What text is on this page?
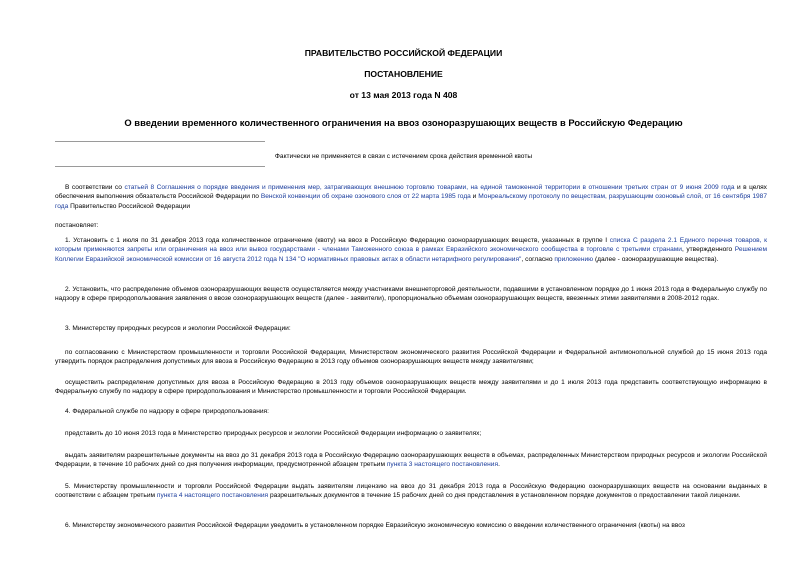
ПРАВИТЕЛЬСТВО РОССИЙСКОЙ ФЕДЕРАЦИИ
ПОСТАНОВЛЕНИЕ
от 13 мая 2013 года N 408
О введении временного количественного ограничения на ввоз озоноразрушающих веществ в Российскую Федерацию
Фактически не применяется в связи с истечением срока действия временной квоты
В соответствии со статьей 8 Соглашения о порядке введения и применения мер, затрагивающих внешнюю торговлю товарами, на единой таможенной территории в отношении третьих стран от 9 июня 2009 года и в целях обеспечения выполнения обязательств Российской Федерации по Венской конвенции об охране озонового слоя от 22 марта 1985 года и Монреальскому протоколу по веществам, разрушающим озоновый слой, от 16 сентября 1987 года Правительство Российской Федерации
постановляет:
1. Установить с 1 июля по 31 декабря 2013 года количественное ограничение (квоту) на ввоз в Российскую Федерацию озоноразрушающих веществ, указанных в группе I списка C раздела 2.1 Единого перечня товаров, к которым применяются запреты или ограничения на ввоз или вывоз государствами - членами Таможенного союза в рамках Евразийского экономического сообщества в торговле с третьими странами, утвержденного Решением Коллегии Евразийской экономической комиссии от 16 августа 2012 года N 134 "О нормативных правовых актах в области нетарифного регулирования", согласно приложению (далее - озоноразрушающие вещества).
2. Установить, что распределение объемов озоноразрушающих веществ осуществляется между участниками внешнеторговой деятельности, подавшими в установленном порядке до 1 июня 2013 года в Федеральную службу по надзору в сфере природопользования заявления о ввозе озоноразрушающих веществ (далее - заявители), пропорционально объемам озоноразрушающих веществ, ввезенных этими заявителями в 2008-2012 годах.
3. Министерству природных ресурсов и экологии Российской Федерации:
по согласованию с Министерством промышленности и торговли Российской Федерации, Министерством экономического развития Российской Федерации и Федеральной антимонопольной службой до 15 июня 2013 года утвердить порядок распределения допустимых для ввоза в Российскую Федерацию в 2013 году объемов озоноразрушающих веществ между заявителями;
осуществить распределение допустимых для ввоза в Российскую Федерацию в 2013 году объемов озоноразрушающих веществ между заявителями и до 1 июля 2013 года представить соответствующую информацию в Федеральную службу по надзору в сфере природопользования и Министерство промышленности и торговли Российской Федерации.
4. Федеральной службе по надзору в сфере природопользования:
представить до 10 июня 2013 года в Министерство природных ресурсов и экологии Российской Федерации информацию о заявителях;
выдать заявителям разрешительные документы на ввоз до 31 декабря 2013 года в Российскую Федерацию озоноразрушающих веществ в объемах, распределенных Министерством природных ресурсов и экологии Российской Федерации, в течение 10 рабочих дней со дня получения информации, предусмотренной абзацем третьим пункта 3 настоящего постановления.
5. Министерству промышленности и торговли Российской Федерации выдать заявителям лицензию на ввоз до 31 декабря 2013 года в Российскую Федерацию озоноразрушающих веществ на основании выданных в соответствии с абзацем третьим пункта 4 настоящего постановления разрешительных документов в течение 15 рабочих дней со дня представления в установленном порядке документов о предоставлении такой лицензии.
6. Министерству экономического развития Российской Федерации уведомить в установленном порядке Евразийскую экономическую комиссию о введении количественного ограничения (квоты) на ввоз
